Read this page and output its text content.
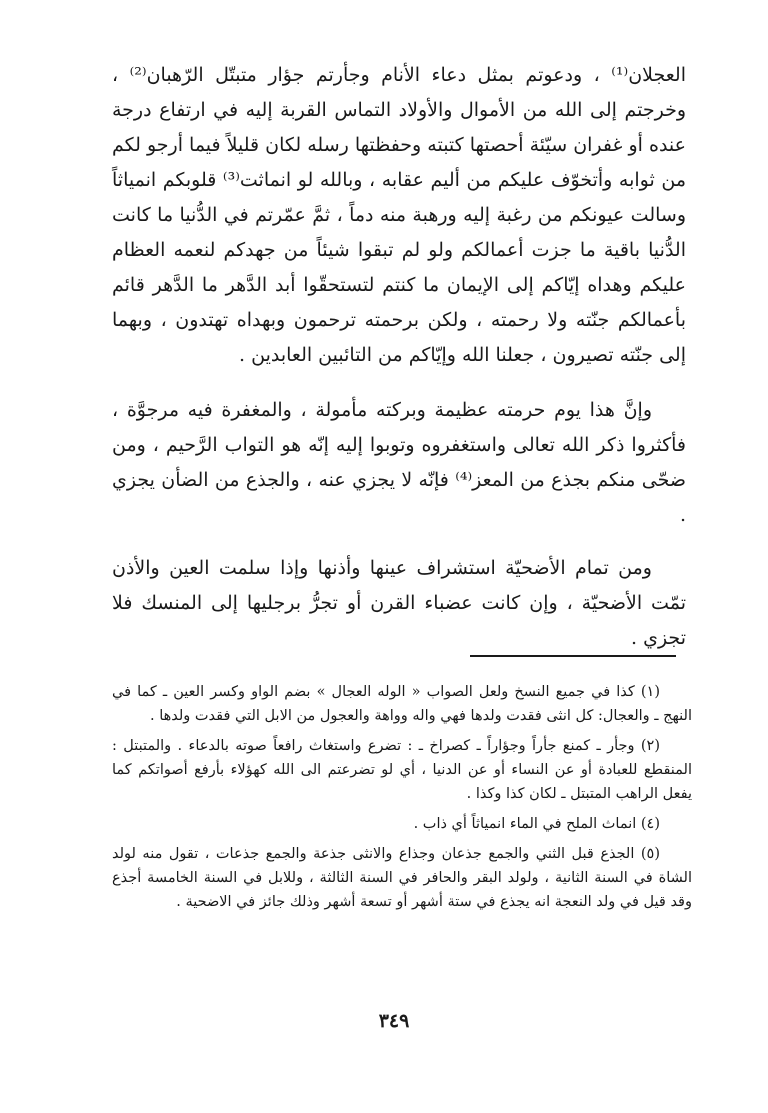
العجلان⁽¹⁾ ، ودعوتم بمثل دعاء الأنام وجأرتم جؤار متبتّل الرّهبان⁽²⁾ ، وخرجتم إلى الله من الأموال والأولاد التماس القربة إليه في ارتفاع درجة عنده أو غفران سيّئة أحصتها كتبته وحفظتها رسله لكان قليلاً فيما أرجو لكم من ثوابه وأتخوّف عليكم من أليم عقابه ، وبالله لو انماثت⁽³⁾ قلوبكم انمياثاً وسالت عيونكم من رغبة إليه ورهبة منه دماً ، ثمَّ عمّرتم في الدُّنيا ما كانت الدُّنيا باقية ما جزت أعمالكم ولو لم تبقوا شيئاً من جهدكم لنعمه العظام عليكم وهداه إيّاكم إلى الإيمان ما كنتم لتستحقّوا أبد الدَّهر ما الدَّهر قائم بأعمالكم جنّته ولا رحمته ، ولكن برحمته ترحمون وبهداه تهتدون ، وبهما إلى جنّته تصيرون ، جعلنا الله وإيّاكم من التائبين العابدين .

وإنَّ هذا يوم حرمته عظيمة وبركته مأمولة ، والمغفرة فيه مرجوَّة ، فأكثروا ذكر الله تعالى واستغفروه وتوبوا إليه إنّه هو التواب الرَّحيم ، ومن ضحّى منكم بجذع من المعز⁽⁴⁾ فإنّه لا يجزي عنه ، والجذع من الضأن يجزي .

ومن تمام الأضحيّة استشراف عينها وأذنها وإذا سلمت العين والأذن تمّت الأضحيّة ، وإن كانت عضباء القرن أو تجرُّ برجليها إلى المنسك فلا تجزي .

(١) كذا في جميع النسخ ولعل الصواب « الوله العجال » بضم الواو وكسر العين ـ كما في النهج ـ والعجال: كل انثى فقدت ولدها فهي واله وواهة والعجول من الابل التي فقدت ولدها .

(٢) وجأر ـ كمنع جأراً وجؤاراً ـ كصراخ ـ : تضرع واستغاث رافعاً صوته بالدعاء . والمتبتل : المنقطع للعبادة أو عن النساء أو عن الدنيا ، أي لو تضرعتم الى الله كهؤلاء بأرفع أصواتكم كما يفعل الراهب المتبتل ـ لكان كذا وكذا .

(٤) انماث الملح في الماء انمياثاً أي ذاب .

(٥) الجذع قبل الثني والجمع جذعان وجذاع والانثى جذعة والجمع جذعات ، تقول منه لولد الشاة في السنة الثانية ، ولولد البقر والحافر في السنة الثالثة ، وللابل في السنة الخامسة أجذع وقد قيل في ولد النعجة انه يجذع في ستة أشهر أو تسعة أشهر وذلك جائز في الاضحية .

٣٤٩
